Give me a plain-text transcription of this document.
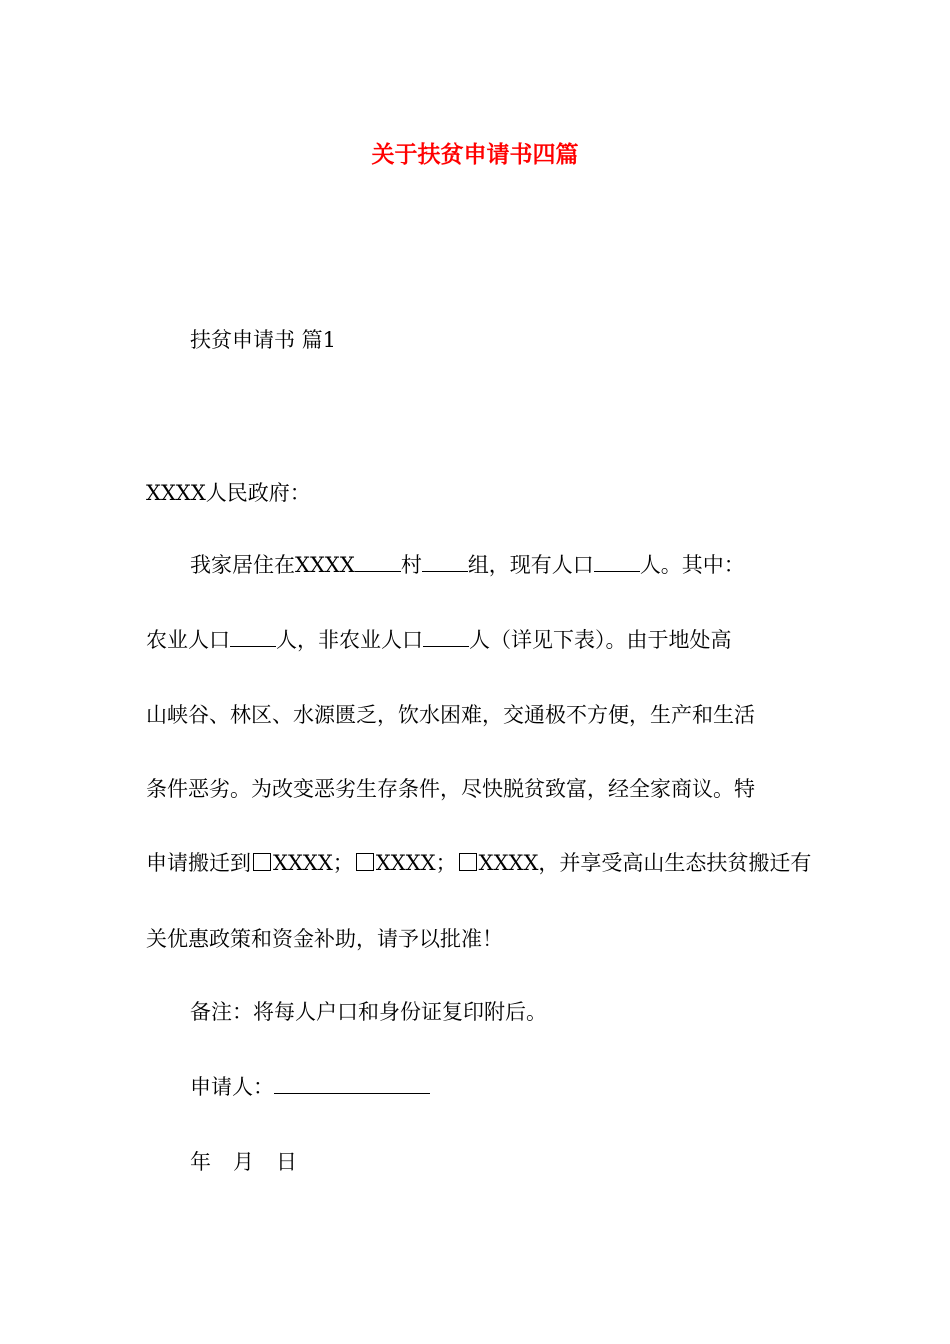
关于扶贫申请书四篇
扶贫申请书 篇1
XXXX人民政府：
我家居住在XXXX 村 组，现有人口 人。其中：
农业人口 人，非农业人口 人（详见下表）。由于地处高
山峡谷、林区、水源匮乏，饮水困难，交通极不方便，生产和生活
条件恶劣。为改变恶劣生存条件，尽快脱贫致富，经全家商议。特
申请搬迁到 XXXX； XXXX； XXXX，并享受高山生态扶贫搬迁有
关优惠政策和资金补助，请予以批准！
备注：将每人户口和身份证复印附后。
申请人：
年 月 日
